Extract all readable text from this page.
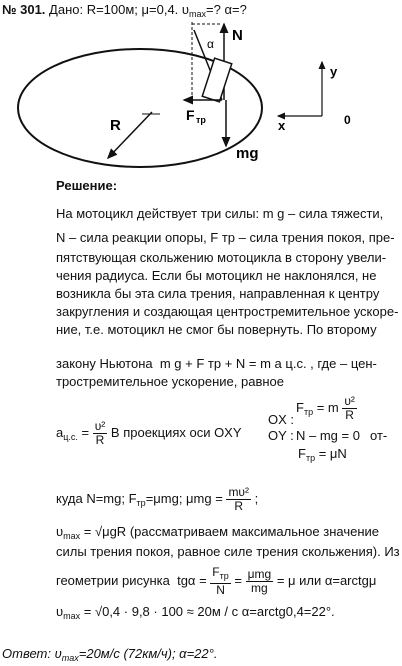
№ 301. Дано: R=100м; μ=0,4. $\upsilon_{max}=$? α=?
R
α N
F тр
mg
y
x	0
Решение:
На мотоцикл действует три силы: m g – сила тяжести,
N – сила реакции опоры, F тр – сила трения покоя, пре-
пятствующая скольжению мотоцикла в сторону увели-
чения радиуса. Если бы мотоцикл не наклонялся, не
возникла бы эта сила трения, направленная к центру
закругления и создающая центростремительное ускоре-
ние, т.е. мотоцикл не смог бы повернуть. По второму
закону Ньютона m g + F тр + N = m a ц.с. , где – цен-
тростремительное ускорение, равное
$a_{ц.с.} = \frac{\text{υ²}}{R}$ В проекциях оси OXY
OX :
OY :
$F_{тр} = m \frac{\text{υ²}}{R}$
N – mg = 0
$F_{тр} = \mu N$
от-
куда N=mg; $F_{тр}=\mu mg$; $\mu mg = \frac{\text{mυ²}}{R}$ ;
$\upsilon_{max} = √\mu gR$ (рассматриваем максимальное значение
силы трения покоя, равное силе трения скольжения). Из
геометрии рисунка $tg\alpha = \frac{F_{тр}}{N} = \frac{\text{μmg}}{mg} = \mu$ или α=arctgμ
$\upsilon_{max} = √0,4 \cdot 9,8 \cdot 100 \approx 20м / с$ α=arctg0,4=22°.
Ответ: $\upsilon_{max}=20м/с$ (72км/ч); α=22°.
